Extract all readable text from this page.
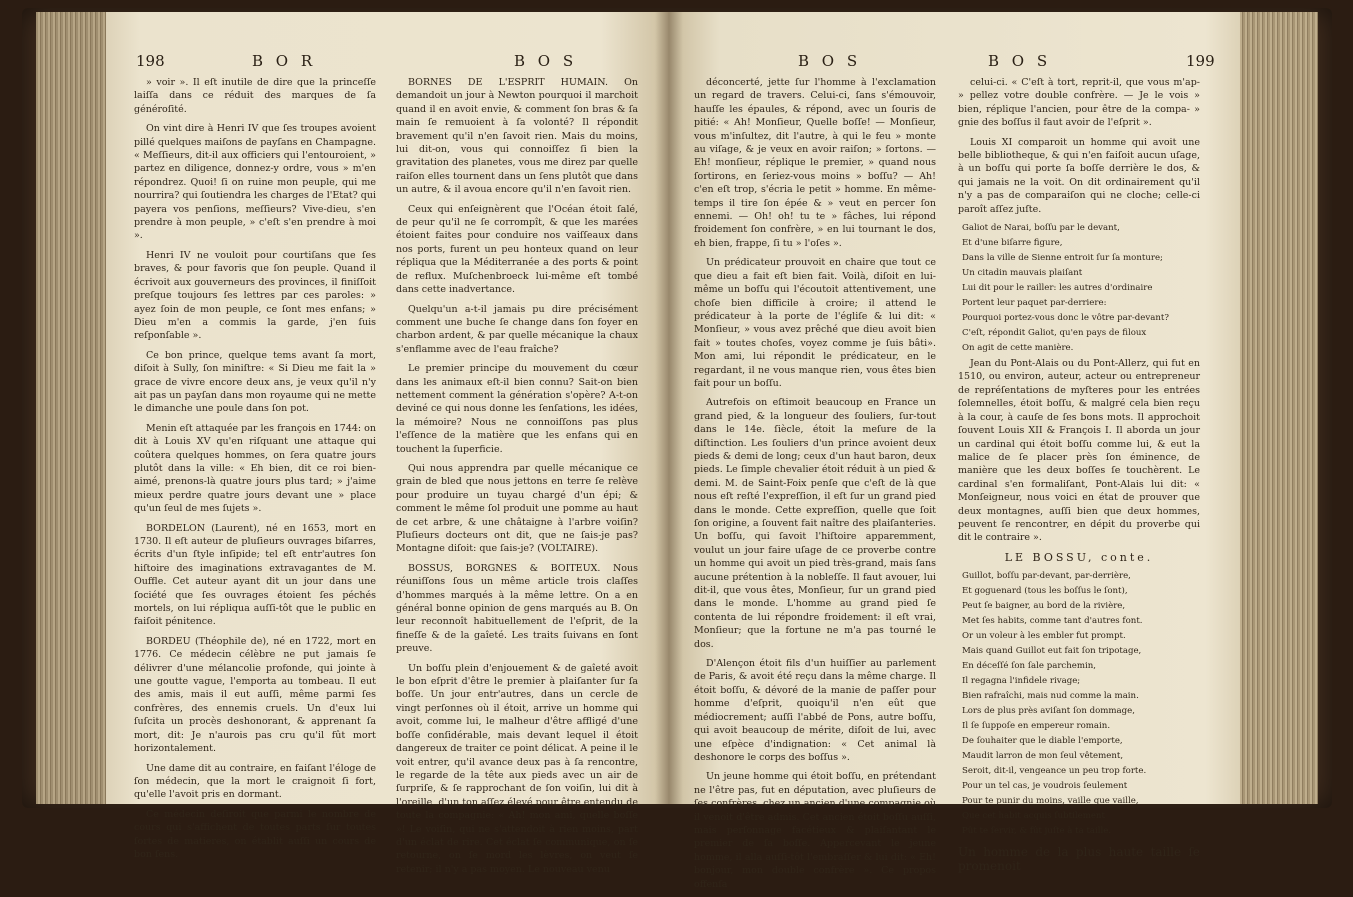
198	B O R	B O S

» voir ». Il eſt inutile de dire que la princeſſe laiſſa dans ce réduit des marques de ſa généroſité.

On vint dire à Henri IV que ſes troupes avoient pillé quelques maiſons de payſans en Champagne. « Meſſieurs, dit-il aux officiers qui l'entouroient, » partez en diligence, donnez-y ordre, vous » m'en répondrez. Quoi! ſi on ruine mon peuple, qui me nourrira? qui ſoutiendra les charges de l'Etat? qui payera vos penſions, meſſieurs? Vive-dieu, s'en prendre à mon peuple, » c'eſt s'en prendre à moi ».

Henri IV ne vouloit pour courtiſans que ſes braves, & pour favoris que ſon peuple. Quand il écrivoit aux gouverneurs des provinces, il finiſſoit preſque toujours ſes lettres par ces paroles: » ayez ſoin de mon peuple, ce ſont mes enfans; » Dieu m'en a commis la garde, j'en ſuis reſponſable ».

Ce bon prince, quelque tems avant ſa mort, diſoit à Sully, ſon miniſtre: « Si Dieu me fait la » grace de vivre encore deux ans, je veux qu'il n'y ait pas un payſan dans mon royaume qui ne mette le dimanche une poule dans ſon pot.

Menin eſt attaquée par les françois en 1744: on dit à Louis XV qu'en riſquant une attaque qui coûtera quelques hommes, on ſera quatre jours plutôt dans la ville: « Eh bien, dit ce roi bien-aimé, prenons-là quatre jours plus tard; » j'aime mieux perdre quatre jours devant une » place qu'un ſeul de mes ſujets ».

BORDELON (Laurent), né en 1653, mort en 1730. Il eſt auteur de pluſieurs ouvrages biſarres, écrits d'un ſtyle inſipide; tel eſt entr'autres ſon hiſtoire des imaginations extravagantes de M. Ouffle. Cet auteur ayant dit un jour dans une ſociété que ſes ouvrages étoient ſes péchés mortels, on lui répliqua auſſi-tôt que le public en faiſoit pénitence.

BORDEU (Théophile de), né en 1722, mort en 1776. Ce médecin célèbre ne put jamais ſe délivrer d'une mélancolie profonde, qui jointe à une goutte vague, l'emporta au tombeau. Il eut des amis, mais il eut auſſi, même parmi ſes confrères, des ennemis cruels. Un d'eux lui ſuſcita un procès deshonorant, & apprenant ſa mort, dit: Je n'aurois pas cru qu'il fût mort horizontalement.

Une dame dit au contraire, en faiſant l'éloge de ſon médecin, que la mort le craignoit ſi fort, qu'elle l'avoit pris en dormant.

Ce médecin deſiroit que parmi le nombre de cours qui s'affichent de toutes parts ſur toutes ſortes de matieres, on établit auſſi un cours de bon ſens.

BORNES DE L'ESPRIT HUMAIN. On demandoit un jour à Newton pourquoi il marchoit quand il en avoit envie, & comment ſon bras & ſa main ſe remuoient à ſa volonté? Il répondit bravement qu'il n'en ſavoit rien. Mais du moins, lui dit-on, vous qui connoiſſez ſi bien la gravitation des planetes, vous me direz par quelle raiſon elles tournent dans un ſens plutôt que dans un autre, & il avoua encore qu'il n'en ſavoit rien.

Ceux qui enſeignèrent que l'Océan étoit ſalé, de peur qu'il ne ſe corrompît, & que les marées étoient faites pour conduire nos vaiſſeaux dans nos ports, furent un peu honteux quand on leur répliqua que la Méditerranée a des ports & point de reflux. Muſchenbroeck lui-même eſt tombé dans cette inadvertance.

Quelqu'un a-t-il jamais pu dire précisément comment une buche ſe change dans ſon foyer en charbon ardent, & par quelle mécanique la chaux s'enflamme avec de l'eau fraîche?

Le premier principe du mouvement du cœur dans les animaux eſt-il bien connu? Sait-on bien nettement comment la génération s'opère? A-t-on deviné ce qui nous donne les ſenſations, les idées, la mémoire? Nous ne connoiſſons pas plus l'eſſence de la matière que les enfans qui en touchent la ſuperficie.

Qui nous apprendra par quelle mécanique ce grain de bled que nous jettons en terre ſe relève pour produire un tuyau chargé d'un épi; & comment le même ſol produit une pomme au haut de cet arbre, & une châtaigne à l'arbre voiſin? Pluſieurs docteurs ont dit, que ne ſais-je pas? Montagne diſoit: que ſais-je? (VOLTAIRE).

BOSSUS, BORGNES & BOITEUX. Nous réuniſſons ſous un même article trois claſſes d'hommes marqués à la même lettre. On a en général bonne opinion de gens marqués au B. On leur reconnoît habituellement de l'eſprit, de la fineſſe & de la gaîeté. Les traits ſuivans en ſont preuve.

Un boſſu plein d'enjouement & de gaîeté avoit le bon eſprit d'être le premier à plaiſanter ſur ſa boſſe. Un jour entr'autres, dans un cercle de vingt perſonnes où il étoit, arrive un homme qui avoit, comme lui, le malheur d'être affligé d'une boſſe conſidérable, mais devant lequel il étoit dangereux de traiter ce point délicat. A peine il le voit entrer, qu'il avance deux pas à ſa rencontre, le regarde de la tête aux pieds avec un air de ſurpriſe, & ſe rapprochant de ſon voiſin, lui dit à l'oreille, d'un ton aſſez élevé pour être entendu de toute la compagnie: « Ah! mon ami, quelle boſſe »! Le voiſin, qui ne s'attendoit à rien moins, part d'un éclat de rire. Cet éclat ſe communique, on ſe retourne, on ſe mord les lèvres, on veut ſe retenir; il n'y a pas moyen. Le nouveau venu

B O S	B O S	199

déconcerté, jette ſur l'homme à l'exclamation un regard de travers. Celui-ci, ſans s'émouvoir, hauſſe les épaules, & répond, avec un ſouris de pitié: « Ah! Monſieur, Quelle boſſe! — Monſieur, vous m'inſultez, dit l'autre, à qui le feu » monte au viſage, & je veux en avoir raiſon; » ſortons. — Eh! monſieur, réplique le premier, » quand nous ſortirons, en ſeriez-vous moins » boſſu? — Ah! c'en eſt trop, s'écria le petit » homme. En même-temps il tire ſon épée & » veut en percer ſon ennemi. — Oh! oh! tu te » fâches, lui répond froidement ſon confrère, » en lui tournant le dos, eh bien, frappe, ſi tu » l'oſes ».

Un prédicateur prouvoit en chaire que tout ce que dieu a fait eſt bien fait. Voilà, diſoit en lui-même un boſſu qui l'écoutoit attentivement, une choſe bien difficile à croire; il attend le prédicateur à la porte de l'égliſe & lui dit: « Monſieur, » vous avez prêché que dieu avoit bien fait » toutes choſes, voyez comme je ſuis bâti». Mon ami, lui répondit le prédicateur, en le regardant, il ne vous manque rien, vous êtes bien fait pour un boſſu.

Autrefois on eſtimoit beaucoup en France un grand pied, & la longueur des ſouliers, ſur-tout dans le 14e. ſiècle, étoit la meſure de la diſtinction. Les ſouliers d'un prince avoient deux pieds & demi de long; ceux d'un haut baron, deux pieds. Le ſimple chevalier étoit réduit à un pied & demi. M. de Saint-Foix penſe que c'eſt de là que nous eſt reſté l'expreſſion, il eſt ſur un grand pied dans le monde. Cette expreſſion, quelle que ſoit ſon origine, a ſouvent fait naître des plaiſanteries. Un boſſu, qui ſavoit l'hiſtoire apparemment, voulut un jour faire uſage de ce proverbe contre un homme qui avoit un pied très-grand, mais ſans aucune prétention à la nobleſſe. Il faut avouer, lui dit-il, que vous êtes, Monſieur, ſur un grand pied dans le monde. L'homme au grand pied ſe contenta de lui répondre froidement: il eſt vrai, Monſieur; que la fortune ne m'a pas tourné le dos.

D'Alençon étoit fils d'un huiſſier au parlement de Paris, & avoit été reçu dans la même charge. Il étoit boſſu, & dévoré de la manie de paſſer pour homme d'eſprit, quoiqu'il n'en eût que médiocrement; auſſi l'abbé de Pons, autre boſſu, qui avoit beaucoup de mérite, diſoit de lui, avec une eſpèce d'indignation: « Cet animal là deshonore le corps des boſſus ».

Un jeune homme qui étoit boſſu, en prétendant ne l'être pas, fut en députation, avec pluſieurs de ſes confrères, chez un ancien d'une compagnie où il venoit d'être admis. Cet ancien étoit boſſu auſſi, mais perſonnage facétieux & plaiſantant le premier de ſa boſſe. Appercevant le jeune homme, il alla auſſi-tôt l'embraſſer & lui dit: « Eh! bonjour, mon double confrère ». Ce propos offenſa

celui-ci. « C'eſt à tort, reprit-il, que vous m'ap- » pellez votre double confrère. — Je le vois » bien, réplique l'ancien, pour être de la compa- » gnie des boſſus il faut avoir de l'eſprit ».

Louis XI comparoit un homme qui avoit une belle bibliotheque, & qui n'en faiſoit aucun uſage, à un boſſu qui porte ſa boſſe derrière le dos, & qui jamais ne la voit. On dit ordinairement qu'il n'y a pas de comparaiſon qui ne cloche; celle-ci paroît aſſez juſte.

Galiot de Narai, boſſu par le devant,

Et d'une biſarre figure,

Dans la ville de Sienne entroit ſur ſa monture;

Un citadin mauvais plaiſant

Lui dit pour le railler: les autres d'ordinaire

Portent leur paquet par-derriere:

Pourquoi portez-vous donc le vôtre par-devant?

C'eſt, répondit Galiot, qu'en pays de filoux

On agit de cette manière.

Jean du Pont-Alais ou du Pont-Allerz, qui fut en 1510, ou environ, auteur, acteur ou entrepreneur de repréſentations de myſteres pour les entrées ſolemnelles, étoit boſſu, & malgré cela bien reçu à la cour, à cauſe de ſes bons mots. Il approchoit ſouvent Louis XII & François I. Il aborda un jour un cardinal qui étoit boſſu comme lui, & eut la malice de ſe placer près ſon éminence, de manière que les deux boſſes ſe touchèrent. Le cardinal s'en formaliſant, Pont-Alais lui dit: « Monſeigneur, nous voici en état de prouver que deux montagnes, auſſi bien que deux hommes, peuvent ſe rencontrer, en dépit du proverbe qui dit le contraire ».

LE BOSSU, conte.

Guillot, boſſu par-devant, par-derrière,

Et goguenard (tous les boſſus le ſont),

Peut ſe baigner, au bord de la rivière,

Met ſes habits, comme tant d'autres font.

Or un voleur à les embler fut prompt.

Mais quand Guillot eut fait ſon tripotage,

En déceſſé ſon ſale parchemin,

Il regagna l'infidele rivage;

Bien rafraîchi, mais nud comme la main.

Lors de plus près aviſant ſon dommage,

Il ſe ſuppoſe en empereur romain.

De ſouhaiter que le diable l'emporte,

Maudit larron de mon ſeul vêtement,

Seroit, dit-il, vengeance un peu trop forte.

Pour un tel cas, je voudrois ſeulement

Pour te punir du moins, vaille que vaille,

Que cet habit acquis ſubtilement

Pût te ſervir, & fût juſte à ta taille.

Un homme de la plus haute taille ſe promenoit
